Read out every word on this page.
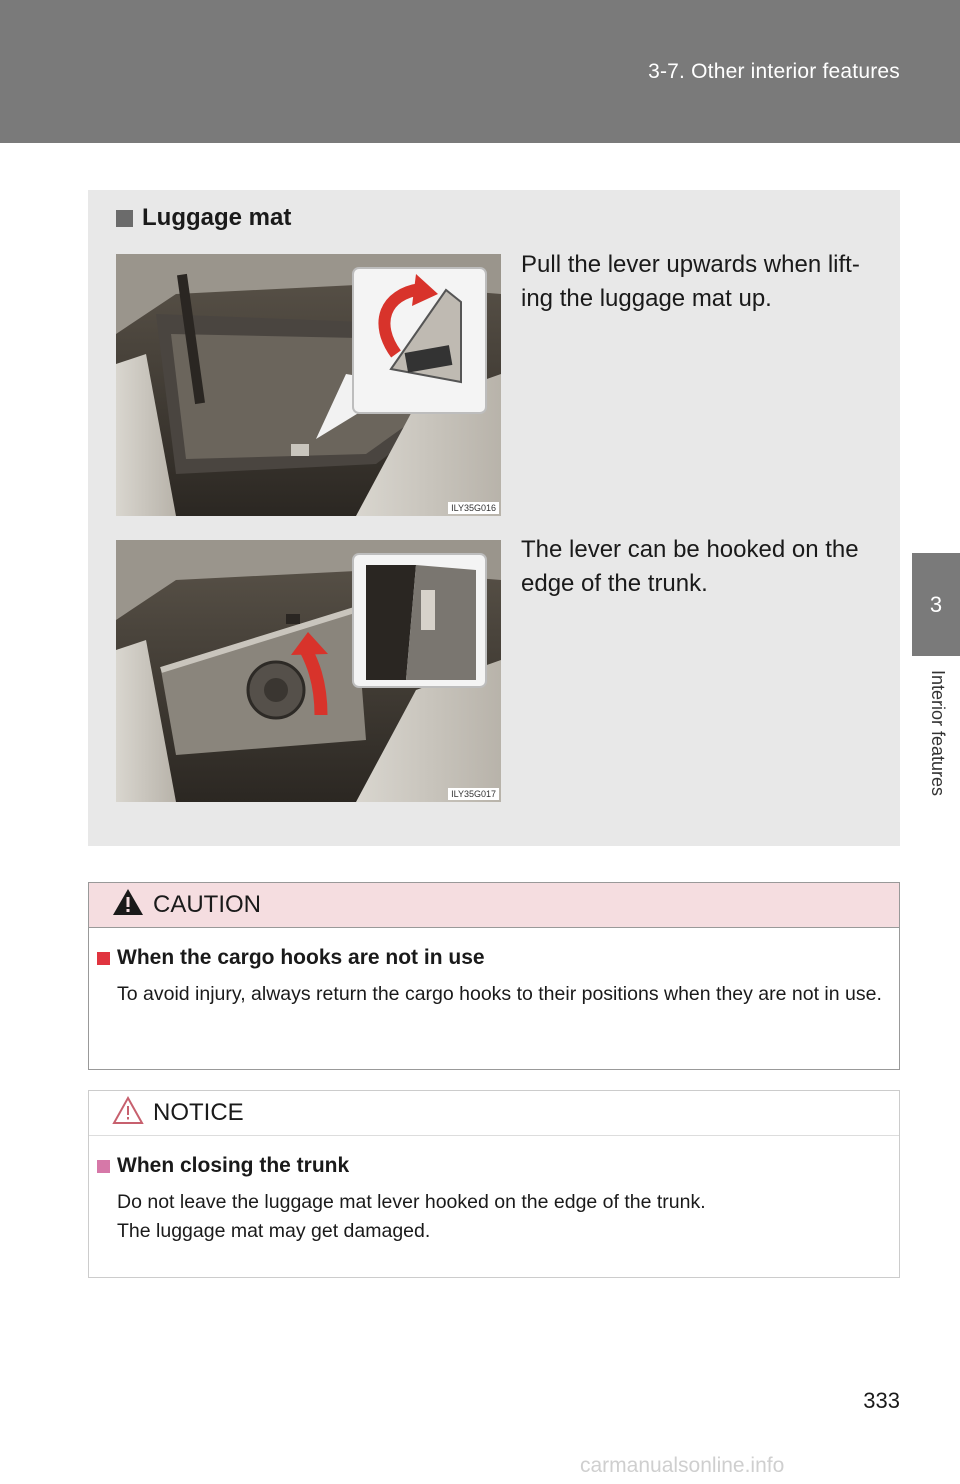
3-7. Other interior features
3
Interior features
Luggage mat
ILY35G016
Pull the lever upwards when lift-ing the luggage mat up.
ILY35G017
The lever can be hooked on the edge of the trunk.
CAUTION
When the cargo hooks are not in use
To avoid injury, always return the cargo hooks to their positions when they are not in use.
NOTICE
When closing the trunk
Do not leave the luggage mat lever hooked on the edge of the trunk.
The luggage mat may get damaged.
333
carmanualsonline.info
